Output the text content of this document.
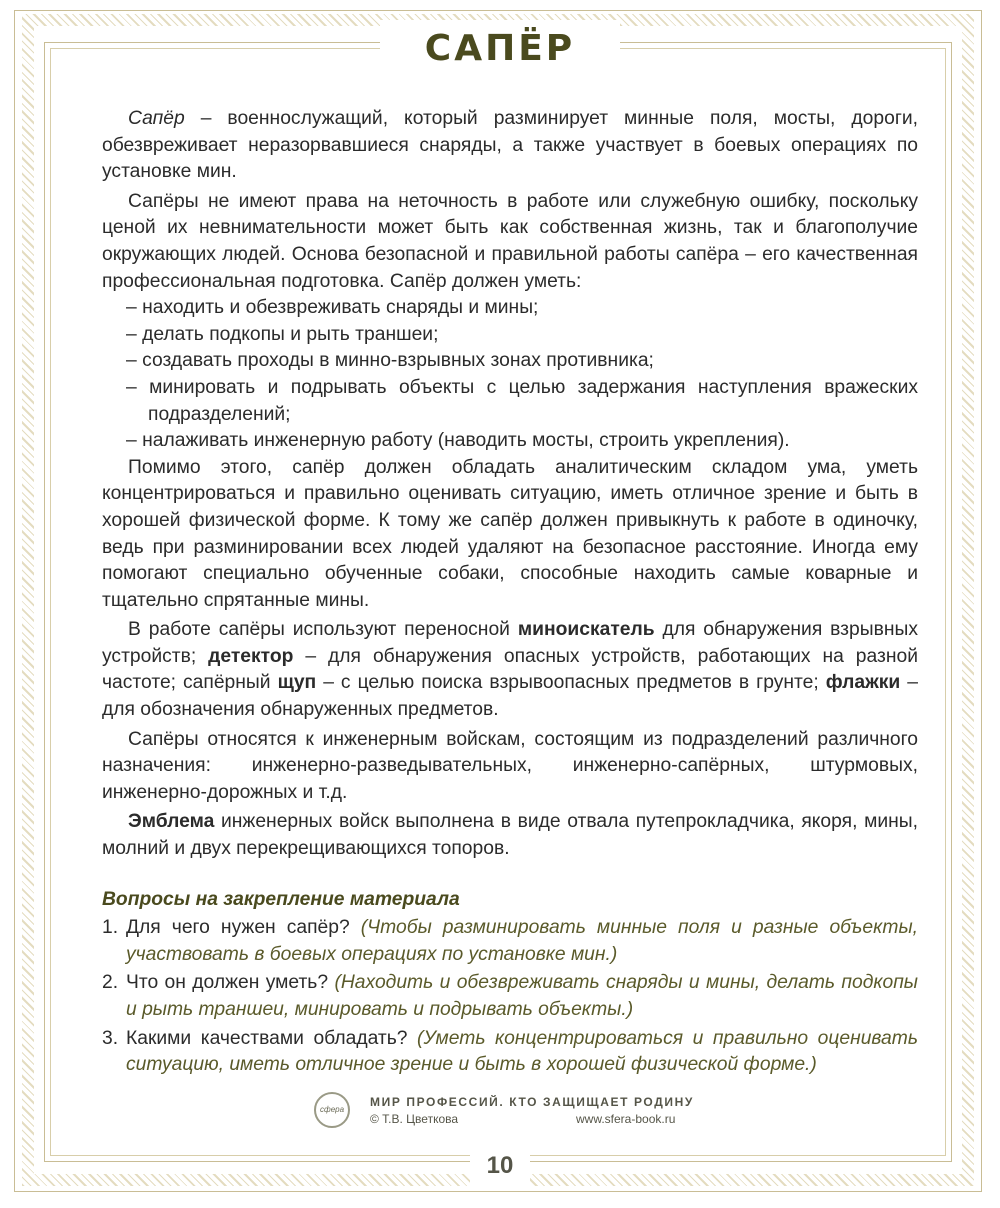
САПЁР

Сапёр – военнослужащий, который разминирует минные поля, мосты, дороги, обезвреживает неразорвавшиеся снаряды, а также участвует в боевых операциях по установке мин.

Сапёры не имеют права на неточность в работе или служебную ошибку, поскольку ценой их невнимательности может быть как собственная жизнь, так и благополучие окружающих людей. Основа безопасной и правильной работы сапёра – его качественная профессиональная подготовка. Сапёр должен уметь:

– находить и обезвреживать снаряды и мины;
– делать подкопы и рыть траншеи;
– создавать проходы в минно-взрывных зонах противника;
– минировать и подрывать объекты с целью задержания наступления вражеских подразделений;
– налаживать инженерную работу (наводить мосты, строить укрепления).

Помимо этого, сапёр должен обладать аналитическим складом ума, уметь концентрироваться и правильно оценивать ситуацию, иметь отличное зрение и быть в хорошей физической форме. К тому же сапёр должен привыкнуть к работе в одиночку, ведь при разминировании всех людей удаляют на безопасное расстояние. Иногда ему помогают специально обученные собаки, способные находить самые коварные и тщательно спрятанные мины.

В работе сапёры используют переносной миноискатель для обнаружения взрывных устройств; детектор – для обнаружения опасных устройств, работающих на разной частоте; сапёрный щуп – с целью поиска взрывоопасных предметов в грунте; флажки – для обозначения обнаруженных предметов.

Сапёры относятся к инженерным войскам, состоящим из подразделений различного назначения: инженерно-разведывательных, инженерно-сапёрных, штурмовых, инженерно-дорожных и т.д.

Эмблема инженерных войск выполнена в виде отвала путепрокладчика, якоря, мины, молний и двух перекрещивающихся топоров.

Вопросы на закрепление материала
1. Для чего нужен сапёр? (Чтобы разминировать минные поля и разные объекты, участвовать в боевых операциях по установке мин.)
2. Что он должен уметь? (Находить и обезвреживать снаряды и мины, делать подкопы и рыть траншеи, минировать и подрывать объекты.)
3. Какими качествами обладать? (Уметь концентрироваться и правильно оценивать ситуацию, иметь отличное зрение и быть в хорошей физической форме.)
сфера
МИР ПРОФЕССИЙ. КТО ЗАЩИЩАЕТ РОДИНУ
© Т.В. Цветкова	www.sfera-book.ru
10
